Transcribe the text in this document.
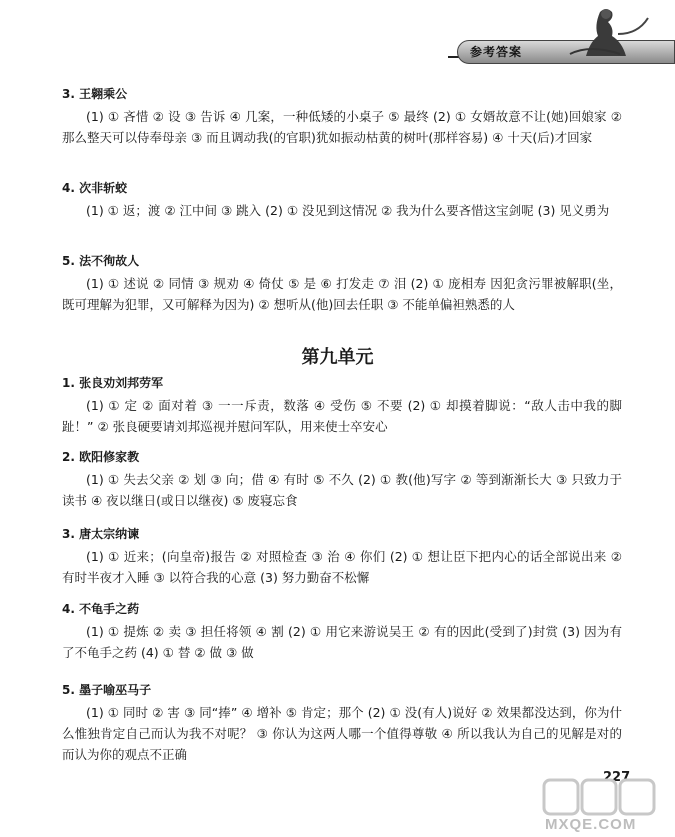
参考答案

3. 王翱乘公

(1) ① 吝惜 ② 设 ③ 告诉 ④ 几案，一种低矮的小桌子 ⑤ 最终 (2) ① 女婿故意不让(她)回娘家 ② 那么整天可以侍奉母亲 ③ 而且调动我(的官职)犹如振动枯黄的树叶(那样容易) ④ 十天(后)才回家

4. 次非斩蛟

(1) ① 返；渡 ② 江中间 ③ 跳入 (2) ① 没见到这情况 ② 我为什么要吝惜这宝剑呢 (3) 见义勇为

5. 法不徇故人

(1) ① 述说 ② 同情 ③ 规劝 ④ 倚仗 ⑤ 是 ⑥ 打发走 ⑦ 泪 (2) ① 庞相寿 因犯贪污罪被解职(坐，既可理解为犯罪，又可解释为因为) ② 想听从(他)回去任职 ③ 不能单偏袒熟悉的人

第九单元

1. 张良劝刘邦劳军

(1) ① 定 ② 面对着 ③ 一一斥责，数落 ④ 受伤 ⑤ 不要 (2) ① 却摸着脚说：“敌人击中我的脚趾！” ② 张良硬要请刘邦巡视并慰问军队，用来使士卒安心

2. 欧阳修家教

(1) ① 失去父亲 ② 划 ③ 向；借 ④ 有时 ⑤ 不久 (2) ① 教(他)写字 ② 等到渐渐长大 ③ 只致力于读书 ④ 夜以继日(或日以继夜) ⑤ 废寝忘食

3. 唐太宗纳谏

(1) ① 近来；(向皇帝)报告 ② 对照检查 ③ 治 ④ 你们 (2) ① 想让臣下把内心的话全部说出来 ② 有时半夜才入睡 ③ 以符合我的心意 (3) 努力勤奋不松懈

4. 不龟手之药

(1) ① 提炼 ② 卖 ③ 担任将领 ④ 割 (2) ① 用它来游说吴王 ② 有的因此(受到了)封赏 (3) 因为有了不龟手之药 (4) ① 替 ② 做 ③ 做

5. 墨子喻巫马子

(1) ① 同时 ② 害 ③ 同“捧” ④ 增补 ⑤ 肯定；那个 (2) ① 没(有人)说好 ② 效果都没达到，你为什么惟独肯定自己而认为我不对呢？ ③ 你认为这两人哪一个值得尊敬 ④ 所以我认为自己的见解是对的而认为你的观点不正确

227
MXQE.COM
